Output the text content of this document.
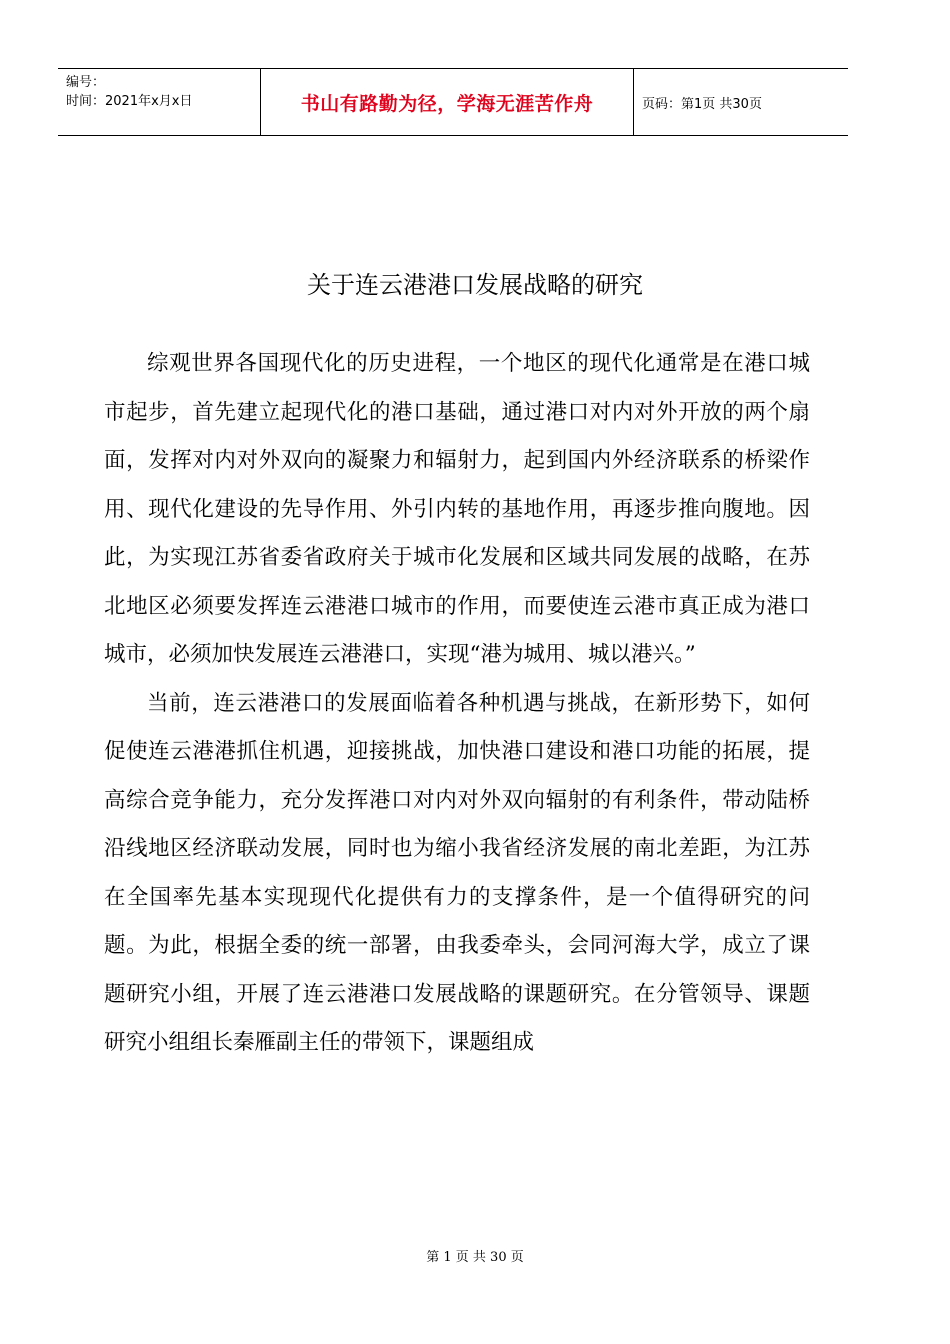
编号：
时间：2021年x月x日	书山有路勤为径，学海无涯苦作舟	页码：第1页 共30页
关于连云港港口发展战略的研究

综观世界各国现代化的历史进程，一个地区的现代化通常是在港口城市起步，首先建立起现代化的港口基础，通过港口对内对外开放的两个扇面，发挥对内对外双向的凝聚力和辐射力，起到国内外经济联系的桥梁作用、现代化建设的先导作用、外引内转的基地作用，再逐步推向腹地。因此，为实现江苏省委省政府关于城市化发展和区域共同发展的战略，在苏北地区必须要发挥连云港港口城市的作用，而要使连云港市真正成为港口城市，必须加快发展连云港港口，实现“港为城用、城以港兴。”

当前，连云港港口的发展面临着各种机遇与挑战，在新形势下，如何促使连云港港抓住机遇，迎接挑战，加快港口建设和港口功能的拓展，提高综合竞争能力，充分发挥港口对内对外双向辐射的有利条件，带动陆桥沿线地区经济联动发展，同时也为缩小我省经济发展的南北差距，为江苏在全国率先基本实现现代化提供有力的支撑条件，是一个值得研究的问题。为此，根据全委的统一部署，由我委牵头，会同河海大学，成立了课题研究小组，开展了连云港港口发展战略的课题研究。在分管领导、课题研究小组组长秦雁副主任的带领下，课题组成

第 1 页 共 30 页
